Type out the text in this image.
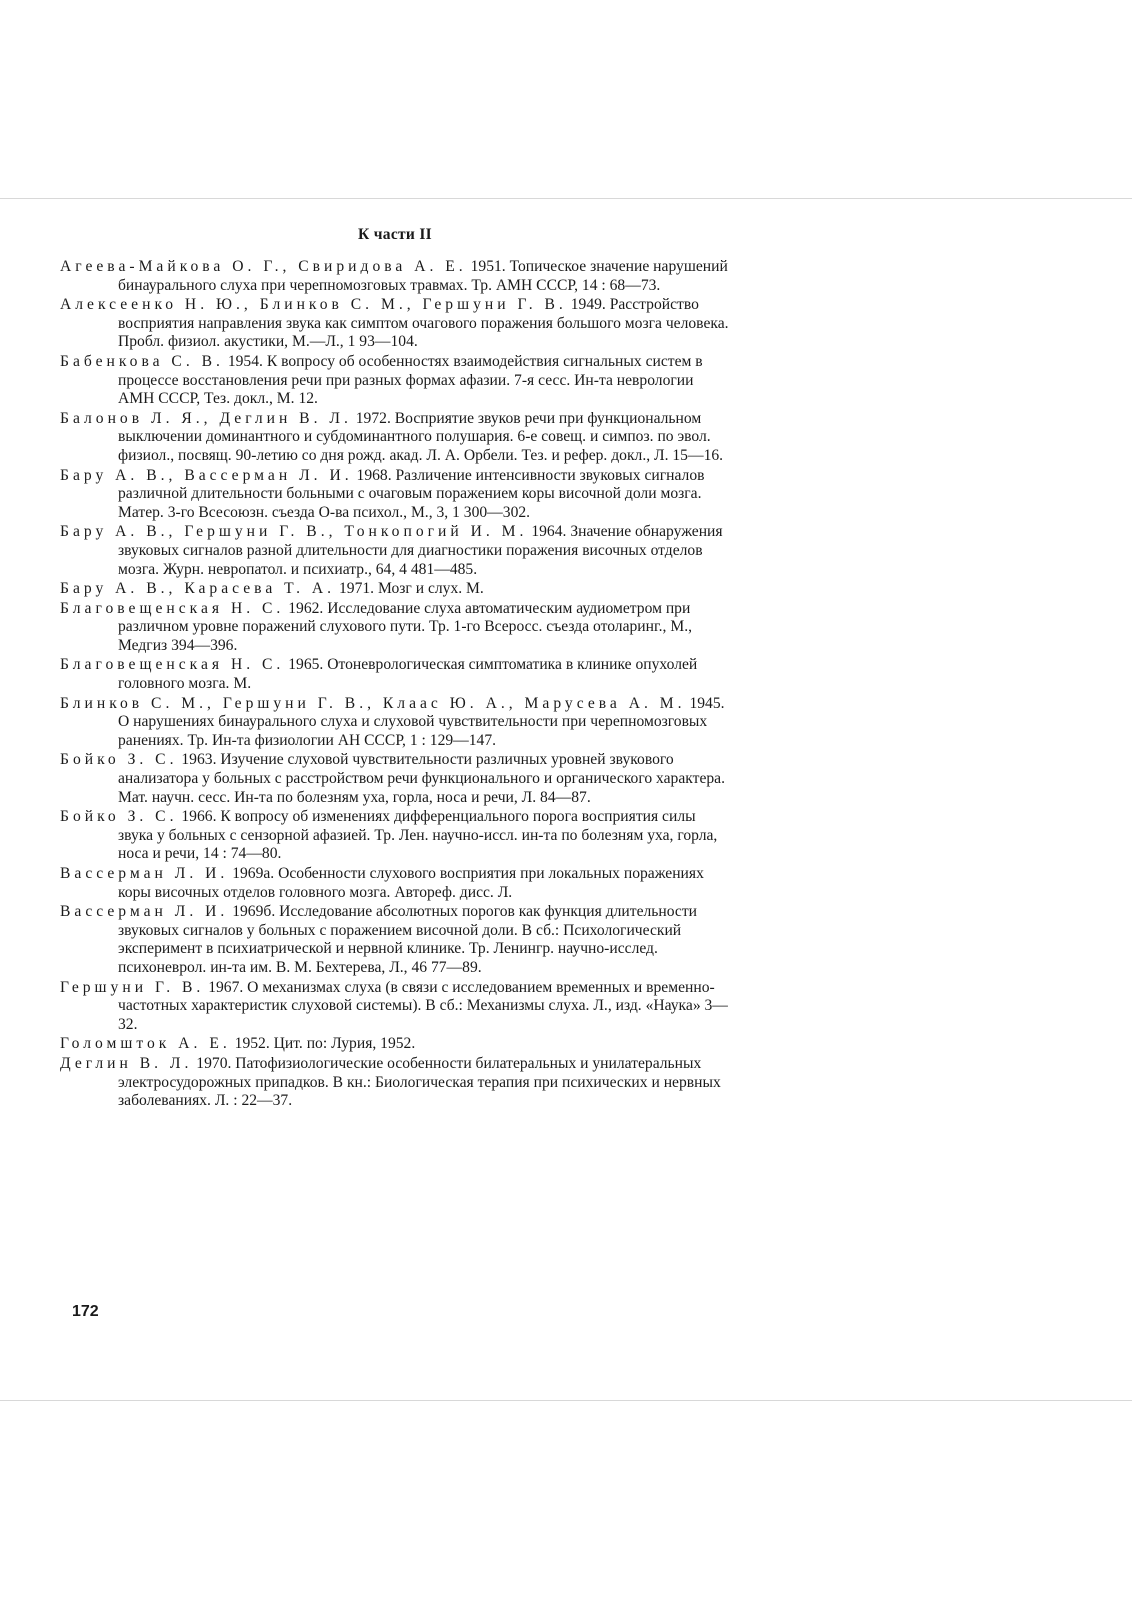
К части II
Агеева-Майкова О. Г., Свиридова А. Е. 1951. Топическое значение нарушений бинаурального слуха при черепномозговых травмах. Тр. АМН СССР, 14 : 68—73.
Алексеенко Н. Ю., Блинков С. М., Гершуни Г. В. 1949. Расстройство восприятия направления звука как симптом очагового поражения большого мозга человека. Пробл. физиол. акустики, М.—Л., 1 93—104.
Бабенкова С. В. 1954. К вопросу об особенностях взаимодействия сигнальных систем в процессе восстановления речи при разных формах афазии. 7-я сесс. Ин-та неврологии АМН СССР, Тез. докл., М. 12.
Балонов Л. Я., Деглин В. Л. 1972. Восприятие звуков речи при функциональном выключении доминантного и субдоминантного полушария. 6-е совещ. и симпоз. по эвол. физиол., посвящ. 90-летию со дня рожд. акад. Л. А. Орбели. Тез. и рефер. докл., Л. 15—16.
Бару А. В., Вассерман Л. И. 1968. Различение интенсивности звуковых сигналов различной длительности больными с очаговым поражением коры височной доли мозга. Матер. 3-го Всесоюзн. съезда О-ва психол., М., 3, 1 300—302.
Бару А. В., Гершуни Г. В., Тонкопогий И. М. 1964. Значение обнаружения звуковых сигналов разной длительности для диагностики поражения височных отделов мозга. Журн. невропатол. и психиатр., 64, 4 481—485.
Бару А. В., Карасева Т. А. 1971. Мозг и слух. М.
Благовещенская Н. С. 1962. Исследование слуха автоматическим аудиометром при различном уровне поражений слухового пути. Тр. 1-го Всеросс. съезда отоларинг., М., Медгиз 394—396.
Благовещенская Н. С. 1965. Отоневрологическая симптоматика в клинике опухолей головного мозга. М.
Блинков С. М., Гершуни Г. В., Клаас Ю. А., Марусева А. М. 1945. О нарушениях бинаурального слуха и слуховой чувствительности при черепномозговых ранениях. Тр. Ин-та физиологии АН СССР, 1 : 129—147.
Бойко З. С. 1963. Изучение слуховой чувствительности различных уровней звукового анализатора у больных с расстройством речи функционального и органического характера. Мат. научн. сесс. Ин-та по болезням уха, горла, носа и речи, Л. 84—87.
Бойко З. С. 1966. К вопросу об изменениях дифференциального порога восприятия силы звука у больных с сензорной афазией. Тр. Лен. научно-иссл. ин-та по болезням уха, горла, носа и речи, 14 : 74—80.
Вассерман Л. И. 1969а. Особенности слухового восприятия при локальных поражениях коры височных отделов головного мозга. Автореф. дисс. Л.
Вассерман Л. И. 1969б. Исследование абсолютных порогов как функция длительности звуковых сигналов у больных с поражением височной доли. В сб.: Психологический эксперимент в психиатрической и нервной клинике. Тр. Ленингр. научно-исслед. психоневрол. ин-та им. В. М. Бехтерева, Л., 46 77—89.
Гершуни Г. В. 1967. О механизмах слуха (в связи с исследованием временных и временно-частотных характеристик слуховой системы). В сб.: Механизмы слуха. Л., изд. «Наука» 3—32.
Голомшток А. Е. 1952. Цит. по: Лурия, 1952.
Деглин В. Л. 1970. Патофизиологические особенности билатеральных и унилатеральных электросудорожных припадков. В кн.: Биологическая терапия при психических и нервных заболеваниях. Л. : 22—37.
172
